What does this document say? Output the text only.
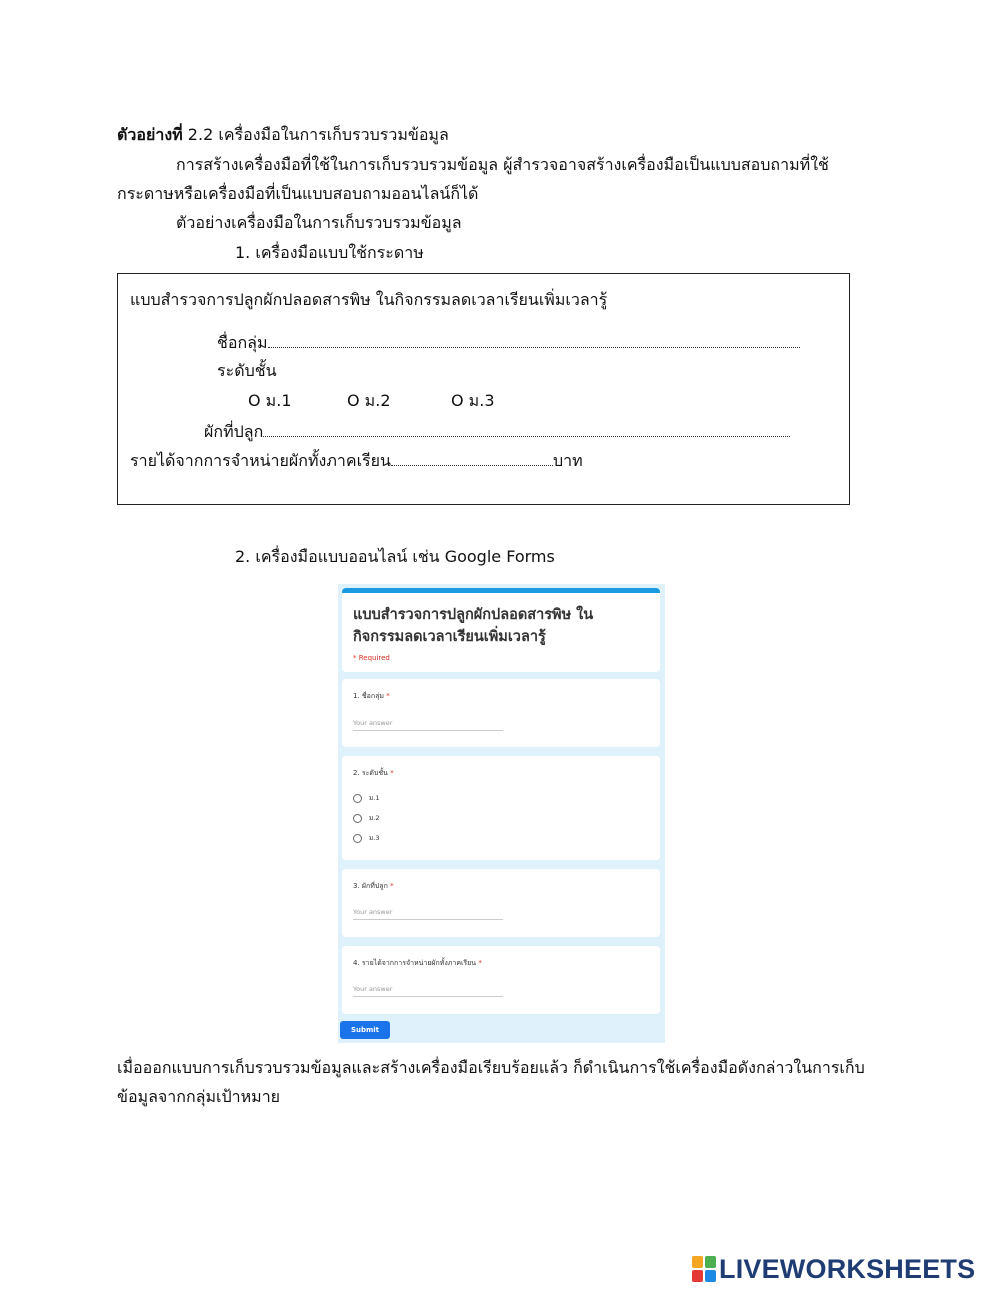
ตัวอย่างที่ 2.2 เครื่องมือในการเก็บรวบรวมข้อมูล
การสร้างเครื่องมือที่ใช้ในการเก็บรวบรวมข้อมูล ผู้สำรวจอาจสร้างเครื่องมือเป็นแบบสอบถามที่ใช้
กระดาษหรือเครื่องมือที่เป็นแบบสอบถามออนไลน์ก็ได้
ตัวอย่างเครื่องมือในการเก็บรวบรวมข้อมูล
1. เครื่องมือแบบใช้กระดาษ
แบบสำรวจการปลูกผักปลอดสารพิษ ในกิจกรรมลดเวลาเรียนเพิ่มเวลารู้
ชื่อกลุ่ม
ระดับชั้น
O ม.1	O ม.2	O ม.3
ผักที่ปลูก
รายได้จากการจำหน่ายผักทั้งภาคเรียน	บาท
2. เครื่องมือแบบออนไลน์ เช่น Google Forms
แบบสำรวจการปลูกผักปลอดสารพิษ ใน
กิจกรรมลดเวลาเรียนเพิ่มเวลารู้
* Required
1. ชื่อกลุ่ม *
Your answer
2. ระดับชั้น *
ม.1
ม.2
ม.3
3. ผักที่ปลูก *
Your answer
4. รายได้จากการจำหน่ายผักทั้งภาคเรียน *
Your answer
Submit
เมื่อออกแบบการเก็บรวบรวมข้อมูลและสร้างเครื่องมือเรียบร้อยแล้ว ก็ดำเนินการใช้เครื่องมือดังกล่าวในการเก็บ
ข้อมูลจากกลุ่มเป้าหมาย
LIVEWORKSHEETS
